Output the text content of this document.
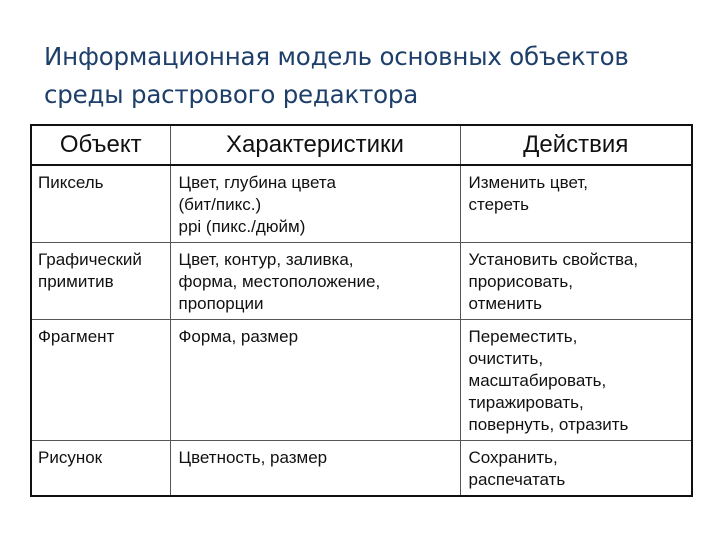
Информационная модель основных объектов среды растрового редактора
Объект	Характеристики	Действия

Пиксель	Цвет, глубина цвета
(бит/пикс.)
ppi (пикс./дюйм)	Изменить цвет,
стереть

Графический
примитив	Цвет, контур, заливка,
форма, местоположение,
пропорции	Установить свойства,
прорисовать,
отменить

Фрагмент	Форма, размер	Переместить,
очистить,
масштабировать,
тиражировать,
повернуть, отразить

Рисунок	Цветность, размер	Сохранить,
распечатать
